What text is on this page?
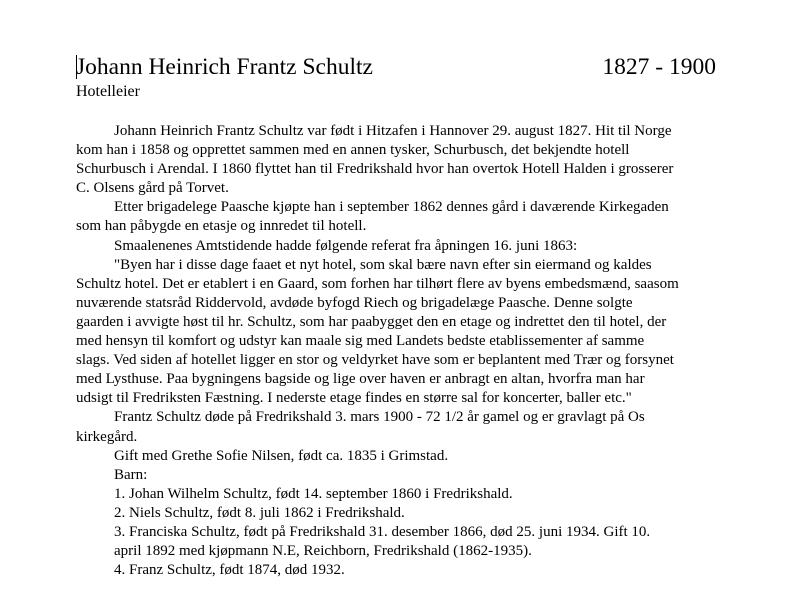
Johann Heinrich Frantz Schultz	1827 - 1900
Hotelleier
Johann Heinrich Frantz Schultz var født i Hitzafen i Hannover 29. august 1827. Hit til Norge
kom han i 1858 og opprettet sammen med en annen tysker, Schurbusch, det bekjendte hotell
Schurbusch i Arendal. I 1860 flyttet han til Fredrikshald hvor han overtok Hotell Halden i grosserer
C. Olsens gård på Torvet.
Etter brigadelege Paasche kjøpte han i september 1862 dennes gård i daværende Kirkegaden
som han påbygde en etasje og innredet til hotell.
Smaalenenes Amtstidende hadde følgende referat fra åpningen 16. juni 1863:
"Byen har i disse dage faaet et nyt hotel, som skal bære navn efter sin eiermand og kaldes
Schultz hotel. Det er etablert i en Gaard, som forhen har tilhørt flere av byens embedsmænd, saasom
nuværende statsråd Riddervold, avdøde byfogd Riech og brigadelæge Paasche. Denne solgte
gaarden i avvigte høst til hr. Schultz, som har paabygget den en etage og indrettet den til hotel, der
med hensyn til komfort og udstyr kan maale sig med Landets bedste etablissementer af samme
slags. Ved siden af hotellet ligger en stor og veldyrket have som er beplantent med Trær og forsynet
med Lysthuse. Paa bygningens bagside og lige over haven er anbragt en altan, hvorfra man har
udsigt til Fredriksten Fæstning. I nederste etage findes en større sal for koncerter, baller etc."
Frantz Schultz døde på Fredrikshald 3. mars 1900 - 72 1/2 år gamel og er gravlagt på Os
kirkegård.
Gift med Grethe Sofie Nilsen, født ca. 1835 i Grimstad.
Barn:
1. Johan Wilhelm Schultz, født 14. september 1860 i Fredrikshald.
2. Niels Schultz, født 8. juli 1862 i Fredrikshald.
3. Franciska Schultz, født på Fredrikshald 31. desember 1866, død 25. juni 1934. Gift 10.
april 1892 med kjøpmann N.E, Reichborn, Fredrikshald (1862-1935).
4. Franz Schultz, født 1874, død 1932.
